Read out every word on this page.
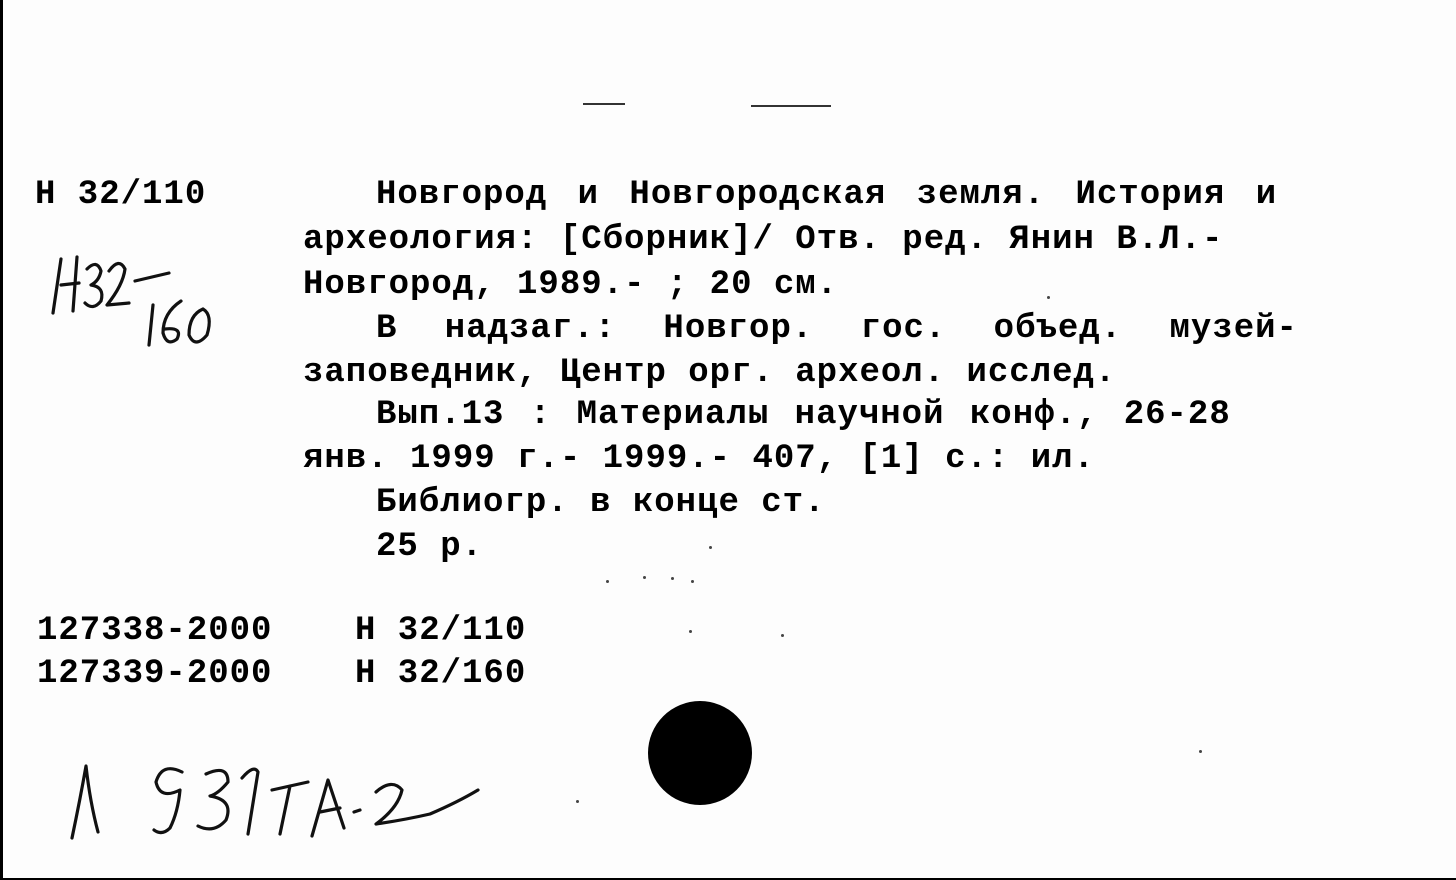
Н 32/110	Новгород и Новгородская земля. История и
археология: [Сборник]/ Отв. ред. Янин В.Л.-
Новгород, 1989.- ; 20 см.
В надзаг.: Новгор. гос. объед. музей-
заповедник, Центр орг. археол. исслед.
Вып.13 : Материалы научной конф., 26-28
янв. 1999 г.- 1999.- 407, [1] с.: ил.
Библиогр. в конце ст.
25 р.
127338-2000 Н 32/110
127339-2000 Н 32/160
